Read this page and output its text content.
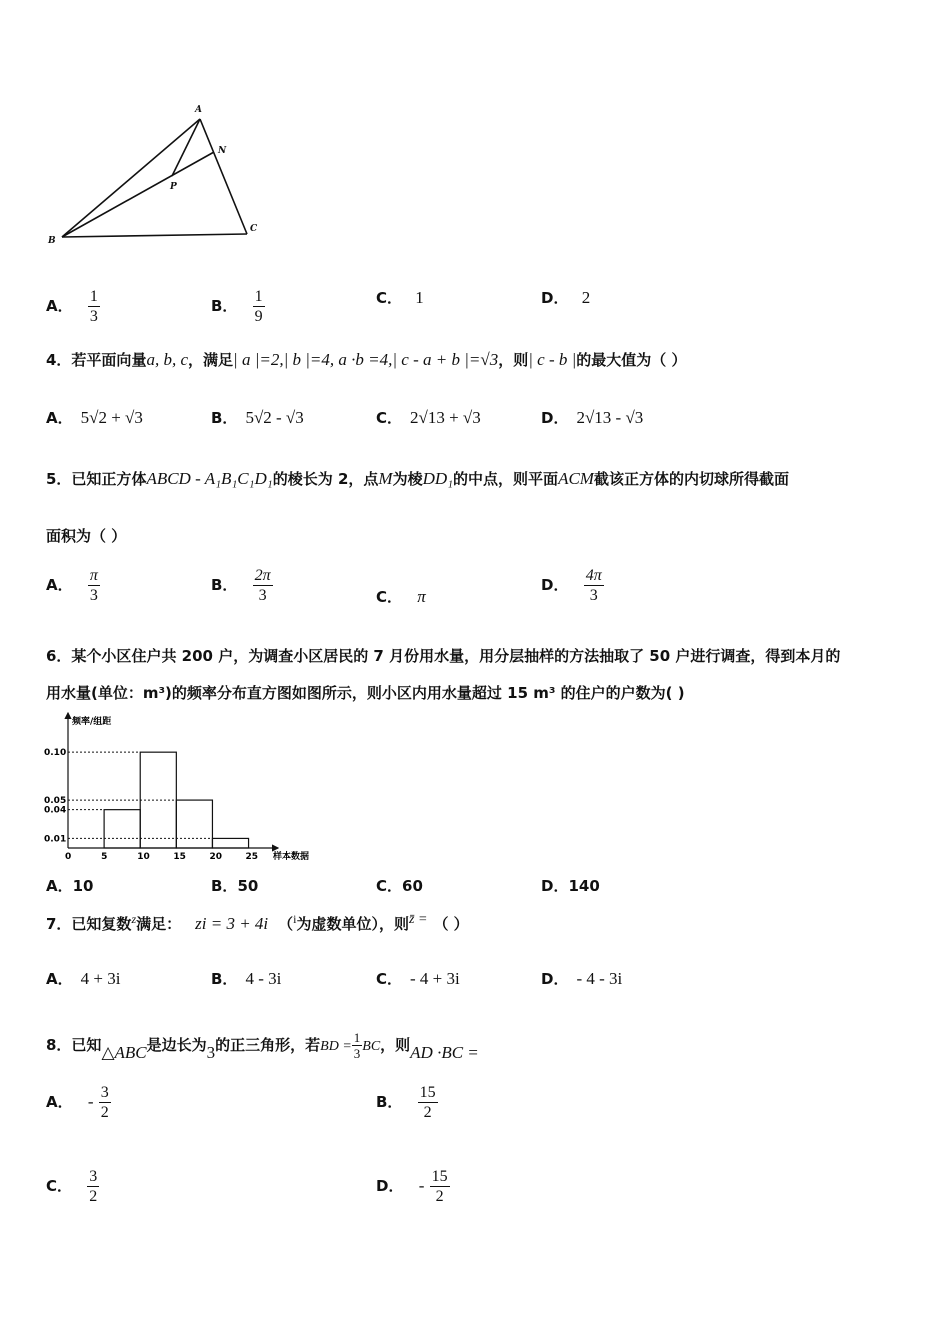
A
N
P
B
C
A． $\frac{1}{3}$	B． $\frac{1}{9}$	C． 1	D． 2
4．若平面向量a, b, c，满足| a |=2,| b |=4, a ·b =4,| c - a + b |=√3，则| c - b |的最大值为（ ）
A． 5√2 + √3	B． 5√2 - √3	C． 2√13 + √3	D． 2√13 - √3
5．已知正方体ABCD - A₁B₁C₁D₁的棱长为 2，点M为棱DD₁的中点，则平面ACM截该正方体的内切球所得截面
面积为（ ）
A． $\frac{\pi}{3}$	B． $\frac{2\pi}{3}$	C． π
D． $\frac{4\pi}{3}$
6．某个小区住户共 200 户，为调查小区居民的 7 月份用水量，用分层抽样的方法抽取了 50 户进行调查，得到本月的
用水量(单位：m³)的频率分布直方图如图所示，则小区内用水量超过 15 m³ 的住户的户数为( )
0	5	10	15	20	25
0.01
0.04
0.05
0.10
频率/组距
样本数据
A．10	B．50	C．60	D．140
7．已知复数$^z$满足： zi = 3 + 4i （$^i$为虚数单位），则z̄ = （ ）
A． 4 + 3i	B． 4 - 3i	C． - 4 + 3i	D． - 4 - 3i
8．已知△ABC是边长为3的正三角形，若BD = $\frac{1}{3}$ BC，则AD ·BC =
A． - $\frac{3}{2}$	B． $\frac{15}{2}$
C． $\frac{3}{2}$	D． - $\frac{15}{2}$
